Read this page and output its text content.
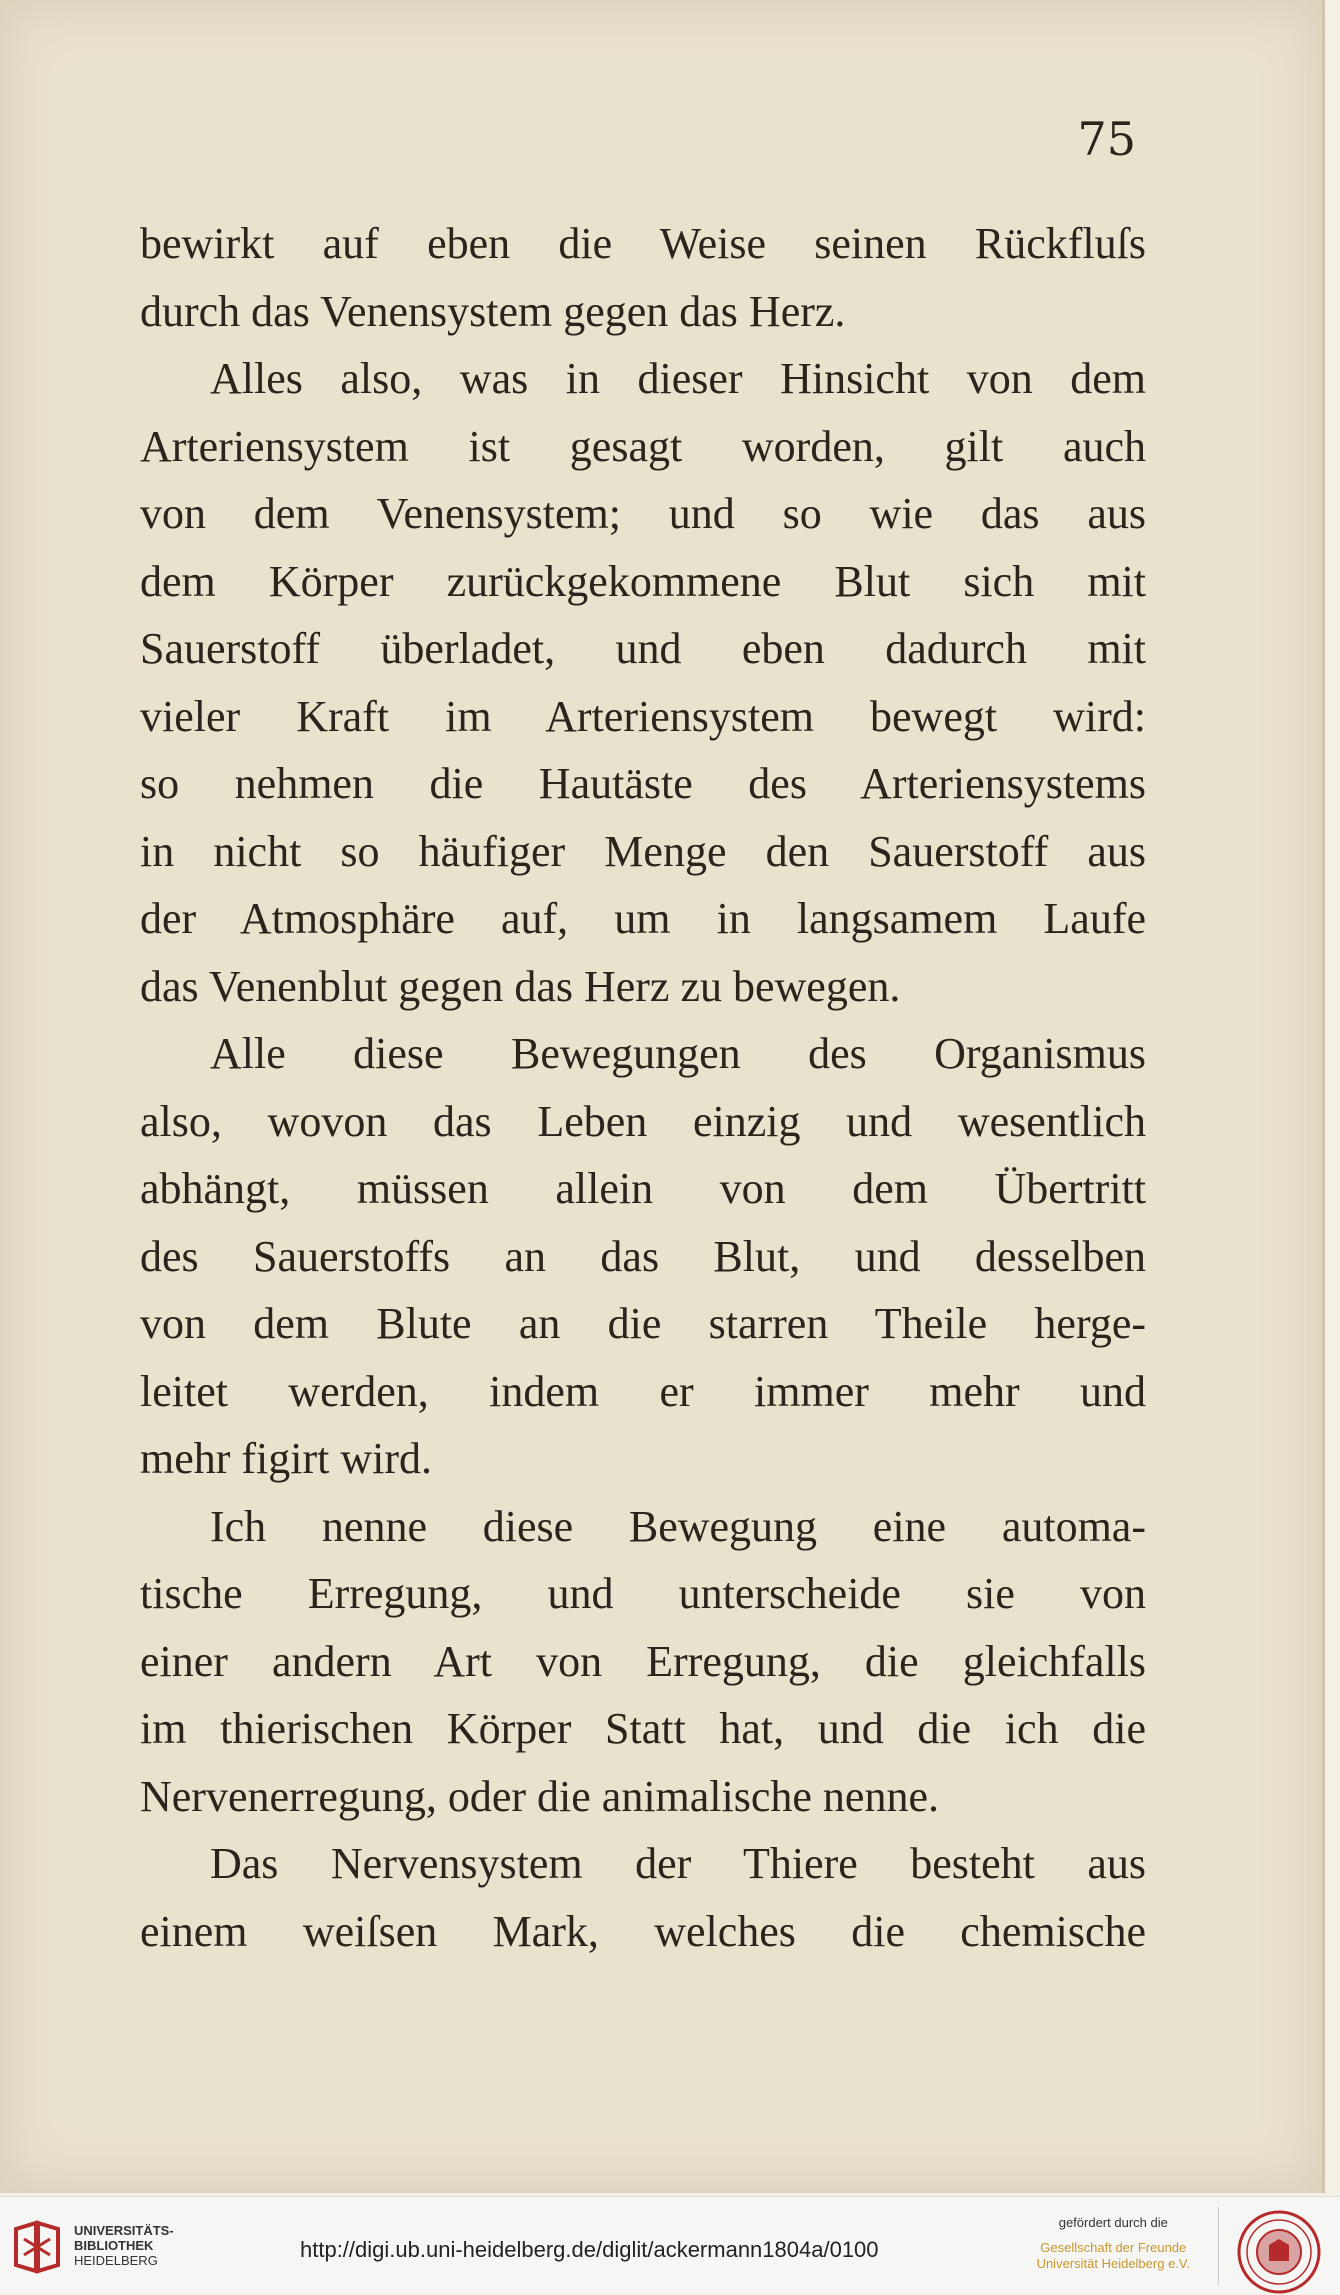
75
bewirkt auf eben die Weise seinen Rückfluſs
durch das Venensystem gegen das Herz.
Alles also, was in dieser Hinsicht von dem
Arteriensystem ist gesagt worden, gilt auch
von dem Venensystem; und so wie das aus
dem Körper zurückgekommene Blut sich mit
Sauerstoff überladet, und eben dadurch mit
vieler Kraft im Arteriensystem bewegt wird:
so nehmen die Hautäste des Arteriensystems
in nicht so häufiger Menge den Sauerstoff aus
der Atmosphäre auf, um in langsamem Laufe
das Venenblut gegen das Herz zu bewegen.
Alle diese Bewegungen des Organismus
also, wovon das Leben einzig und wesentlich
abhängt, müssen allein von dem Übertritt
des Sauerstoffs an das Blut, und desselben
von dem Blute an die starren Theile herge-
leitet werden, indem er immer mehr und
mehr figirt wird.
Ich nenne diese Bewegung eine automa-
tische Erregung, und unterscheide sie von
einer andern Art von Erregung, die gleichfalls
im thierischen Körper Statt hat, und die ich die
Nervenerregung, oder die animalische nenne.
Das Nervensystem der Thiere besteht aus
einem weiſsen Mark, welches die chemische
UNIVERSITÄTS-
BIBLIOTHEK
HEIDELBERG	http://digi.ub.uni-heidelberg.de/diglit/ackermann1804a/0100
gefördert durch die
Gesellschaft der Freunde
Universität Heidelberg e.V.
